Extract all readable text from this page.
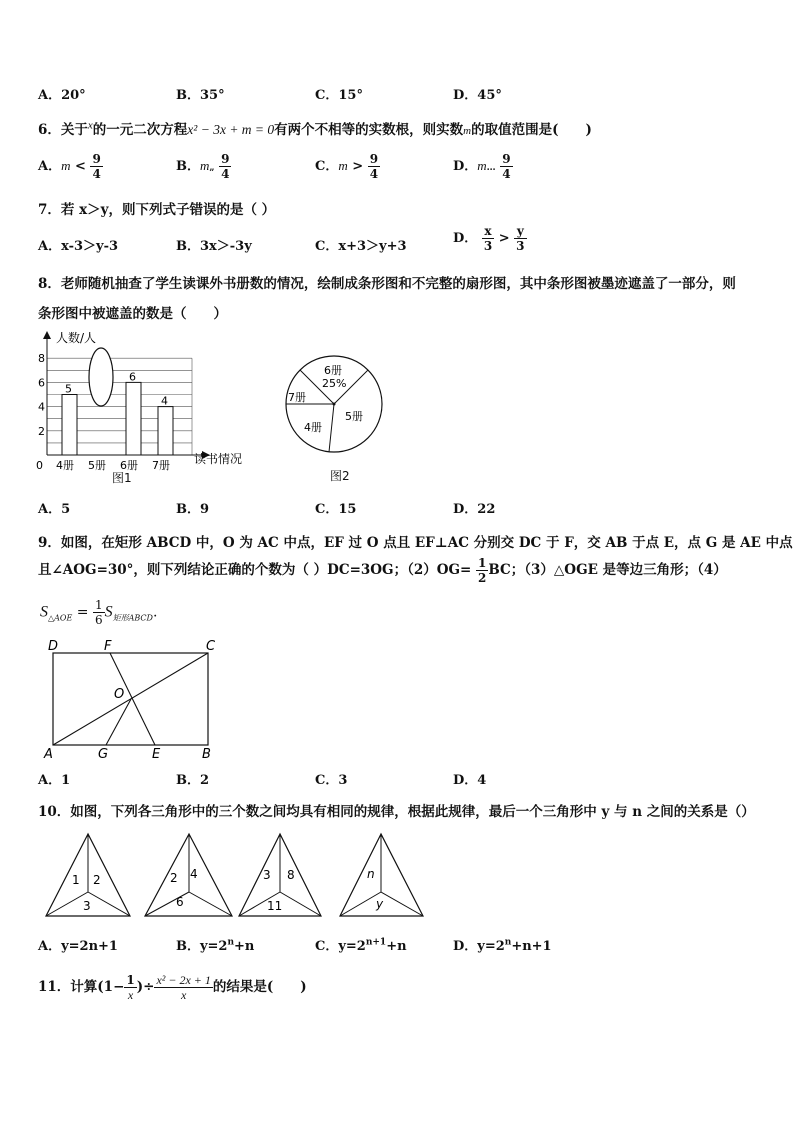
A．20°	B．35°	C．15°	D．45°
6．关于$^x$的一元二次方程x² − 3x + m = 0有两个不相等的实数根，则实数m的取值范围是(　　)
A．$m < \frac{9}{4}$	B．m„ $\frac{9}{4}$	C．$m > \frac{9}{4}$	D．m… $\frac{9}{4}$
7．若 x＞y，则下列式子错误的是（ ）
A．x-3＞y-3	B．3x＞-3y	C．x+3＞y+3
D． $\frac{x}{3} > \frac{y}{3}$
8．老师随机抽查了学生读课外书册数的情况，绘制成条形图和不完整的扇形图，其中条形图被墨迹遮盖了一部分，则
条形图中被遮盖的数是（　　）
人数/人
读书情况
0
2
4
6
8
5
4册 5册
6
6册
4
7册
图1
6册
25%
5册
4册
7册
图2
A．5	B．9	C．15	D．22
9．如图，在矩形 ABCD 中，O 为 AC 中点，EF 过 O 点且 EF⊥AC 分别交 DC 于 F，交 AB 于点 E，点 G 是 AE 中点
且∠AOG=30°，则下列结论正确的个数为（ ）DC=3OG；$(2)OG= \frac{1}{2}$ BC；（3）△OGE 是等边三角形；（4）
$S_{\triangle AOE} = \frac{1}{6} S_{矩形ABCD}$.
D	F	C
O
A	G	E	B
A．1	B．2	C．3	D．4
10．如图，下列各三角形中的三个数之间均具有相同的规律，根据此规律，最后一个三角形中 y 与 n 之间的关系是（）
1 2
3
2 4
6
3 8
11
n
y
A．y=2n+1	B．$y=2^n+n$	C．$y=2^{n+1}+n$	D．$y=2^n+n+1$
11．计算($1- \frac{1}{x}$ )÷ $\frac{\text{x² − 2x + 1}}{x}$ 的结果是(　　)
